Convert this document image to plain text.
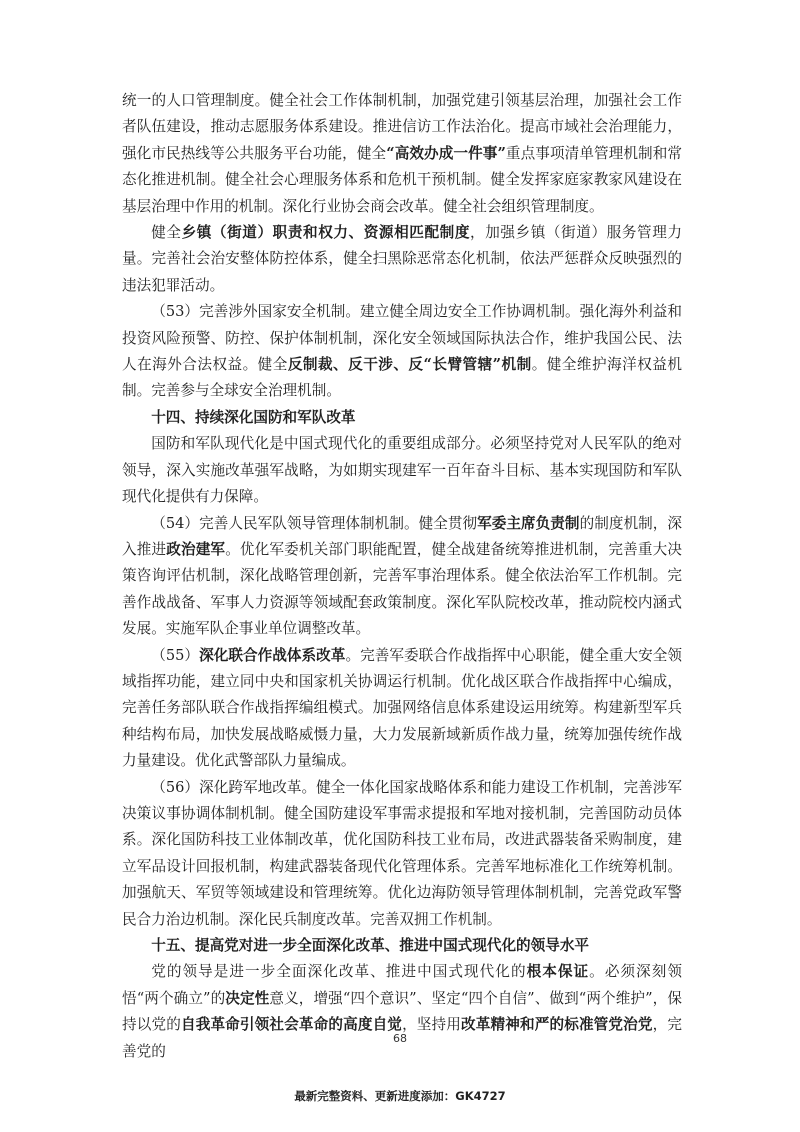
统一的人口管理制度。健全社会工作体制机制，加强党建引领基层治理，加强社会工作者队伍建设，推动志愿服务体系建设。推进信访工作法治化。提高市域社会治理能力，强化市民热线等公共服务平台功能，健全“高效办成一件事”重点事项清单管理机制和常态化推进机制。健全社会心理服务体系和危机干预机制。健全发挥家庭家教家风建设在基层治理中作用的机制。深化行业协会商会改革。健全社会组织管理制度。

健全乡镇（街道）职责和权力、资源相匹配制度，加强乡镇（街道）服务管理力量。完善社会治安整体防控体系，健全扫黑除恶常态化机制，依法严惩群众反映强烈的违法犯罪活动。

（53）完善涉外国家安全机制。建立健全周边安全工作协调机制。强化海外利益和投资风险预警、防控、保护体制机制，深化安全领域国际执法合作，维护我国公民、法人在海外合法权益。健全反制裁、反干涉、反“长臂管辖”机制。健全维护海洋权益机制。完善参与全球安全治理机制。

十四、持续深化国防和军队改革

国防和军队现代化是中国式现代化的重要组成部分。必须坚持党对人民军队的绝对领导，深入实施改革强军战略，为如期实现建军一百年奋斗目标、基本实现国防和军队现代化提供有力保障。

（54）完善人民军队领导管理体制机制。健全贯彻军委主席负责制的制度机制，深入推进政治建军。优化军委机关部门职能配置，健全战建备统筹推进机制，完善重大决策咨询评估机制，深化战略管理创新，完善军事治理体系。健全依法治军工作机制。完善作战战备、军事人力资源等领域配套政策制度。深化军队院校改革，推动院校内涵式发展。实施军队企事业单位调整改革。

（55）深化联合作战体系改革。完善军委联合作战指挥中心职能，健全重大安全领域指挥功能，建立同中央和国家机关协调运行机制。优化战区联合作战指挥中心编成，完善任务部队联合作战指挥编组模式。加强网络信息体系建设运用统筹。构建新型军兵种结构布局，加快发展战略威慑力量，大力发展新域新质作战力量，统筹加强传统作战力量建设。优化武警部队力量编成。

（56）深化跨军地改革。健全一体化国家战略体系和能力建设工作机制，完善涉军决策议事协调体制机制。健全国防建设军事需求提报和军地对接机制，完善国防动员体系。深化国防科技工业体制改革，优化国防科技工业布局，改进武器装备采购制度，建立军品设计回报机制，构建武器装备现代化管理体系。完善军地标准化工作统筹机制。加强航天、军贸等领域建设和管理统筹。优化边海防领导管理体制机制，完善党政军警民合力治边机制。深化民兵制度改革。完善双拥工作机制。

十五、提高党对进一步全面深化改革、推进中国式现代化的领导水平

党的领导是进一步全面深化改革、推进中国式现代化的根本保证。必须深刻领悟“两个确立”的决定性意义，增强“四个意识”、坚定“四个自信”、做到“两个维护”，保持以党的自我革命引领社会革命的高度自觉，坚持用改革精神和严的标准管党治党，完善党的

68
最新完整资料、更新进度添加：GK4727
